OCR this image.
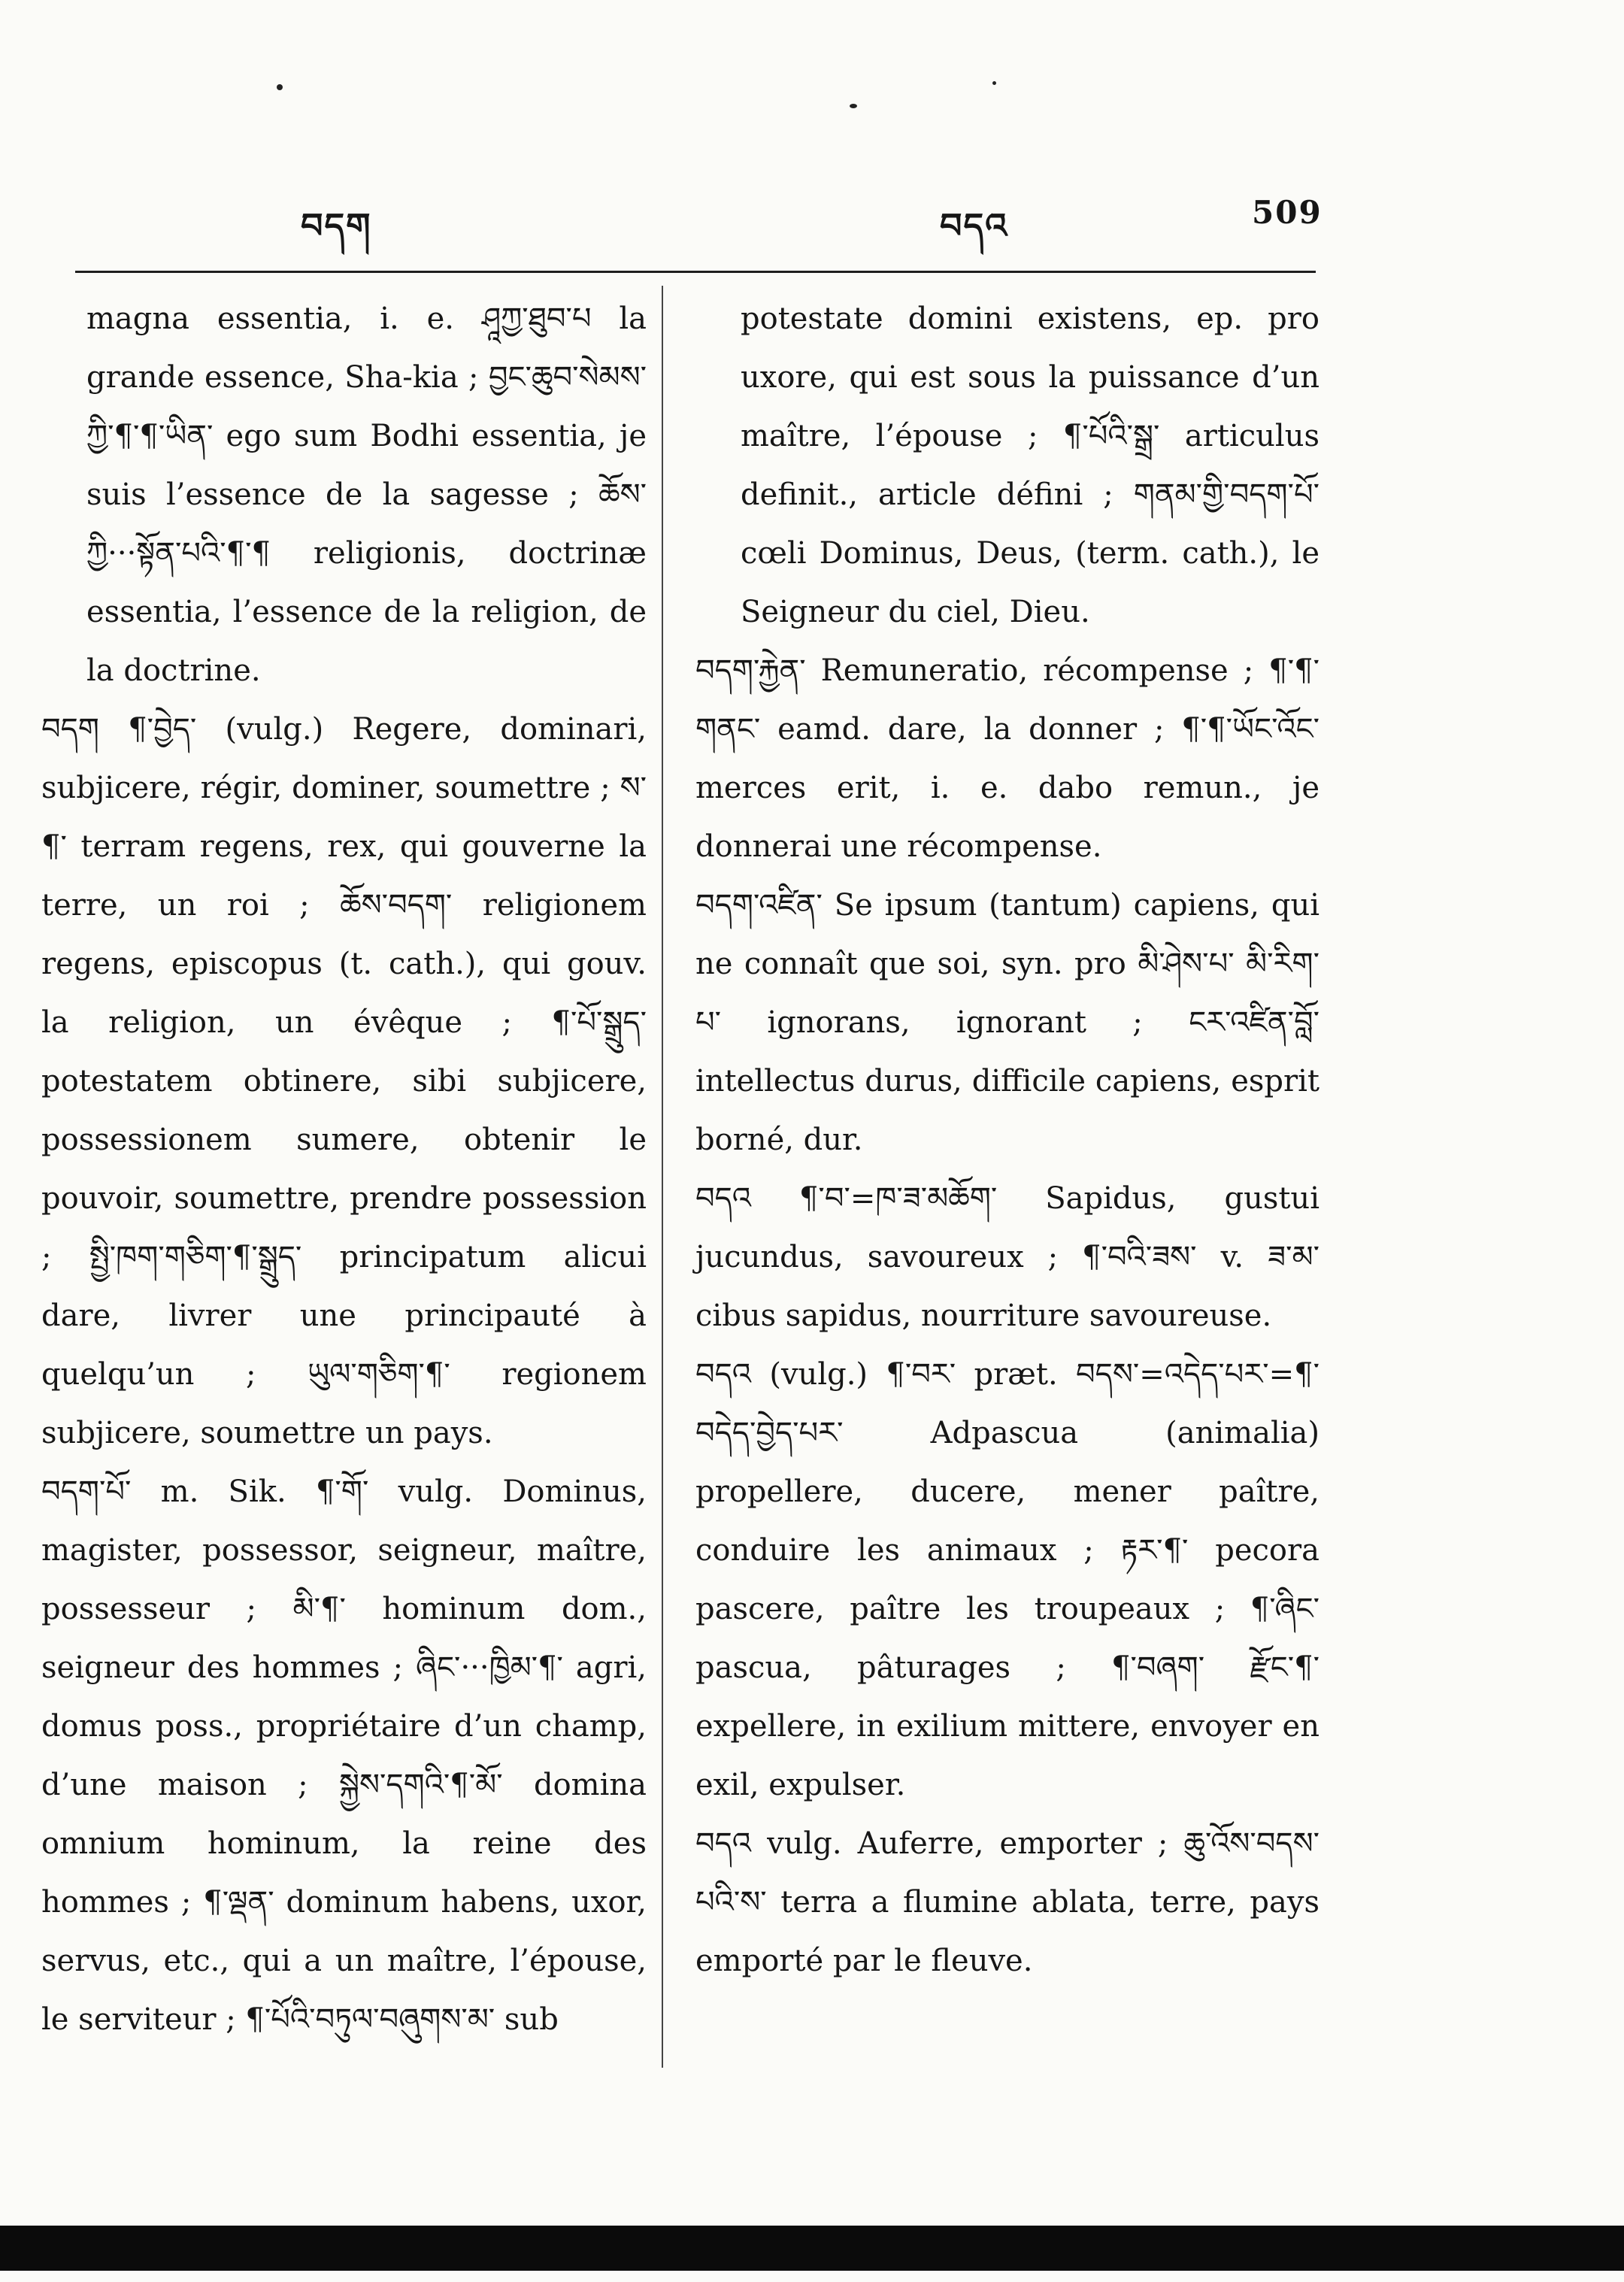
བདག	བདའ	509

magna essentia, i. e. ཤཱཀྱ་ཐུབ་པ la grande essence, Sha-kia ; བྱང་ཆུབ་སེམས་ཀྱི་¶་¶་ཡིན་ ego sum Bodhi essentia, je suis l’essence de la sagesse ; ཆོས་ཀྱི···སྟོན་པའི་¶་¶ religionis, doctrinæ essentia, l’essence de la religion, de la doctrine.

བདག ¶་བྱེད་ (vulg.) Regere, dominari, subjicere, régir, dominer, soumettre ; ས་¶་ terram regens, rex, qui gouverne la terre, un roi ; ཆོས་བདག་ religionem regens, episcopus (t. cath.), qui gouv. la religion, un évêque ; ¶་པོ་སྒྲུད་ potestatem obtinere, sibi subjicere, possessionem sumere, obtenir le pouvoir, soumettre, prendre possession ; སྤྱི་ཁག་གཅིག་¶་སྒྲུད་ principatum alicui dare, livrer une principauté à quelqu’un ; ཡུལ་གཅིག་¶་ regionem subjicere, soumettre un pays.

བདག་པོ་ m. Sik. ¶་གོ་ vulg. Dominus, magister, possessor, seigneur, maître, possesseur ; མི་¶་ hominum dom., seigneur des hommes ; ཞིང་···ཁྱིམ་¶་ agri, domus poss., propriétaire d’un champ, d’une maison ; སྐྱེས་དགའི་¶་མོ་ domina omnium hominum, la reine des hommes ; ¶་ལྡན་ dominum habens, uxor, servus, etc., qui a un maître, l’épouse, le serviteur ; ¶་པོའི་བཏུལ་བཞུགས་མ་ sub

potestate domini existens, ep. pro uxore, qui est sous la puissance d’un maître, l’épouse ; ¶་པོའི་སྒྲ་ articulus definit., article défini ; གནམ་གྱི་བདག་པོ་ cœli Dominus, Deus, (term. cath.), le Seigneur du ciel, Dieu.

བདག་རྐྱེན་ Remuneratio, récompense ; ¶་¶་གནང་ eamd. dare, la donner ; ¶་¶་ཡོང་འོང་ merces erit, i. e. dabo remun., je donnerai une récompense.

བདག་འཛིན་ Se ipsum (tantum) capiens, qui ne connaît que soi, syn. pro མི་ཤེས་པ་ མི་རིག་པ་ ignorans, ignorant ; ངར་འཛིན་བློ་ intellectus durus, difficile capiens, esprit borné, dur.

བདའ ¶་བ་=ཁ་ཟ་མཆོག་ Sapidus, gustui jucundus, savoureux ; ¶་བའི་ཟས་ v. ཟ་མ་ cibus sapidus, nourriture savoureuse.

བདའ (vulg.) ¶་བར་ præt. བདས་=འདེད་པར་=¶་བདེད་བྱེད་པར་ Adpascua (animalia) propellere, ducere, mener paître, conduire les animaux ; རྟར་¶་ pecora pascere, paître les troupeaux ; ¶་ཞིང་ pascua, pâturages ; ¶་བཞག་ རྫོང་¶་ expellere, in exilium mittere, envoyer en exil, expulser.

བདའ vulg. Auferre, emporter ; ཆུ་འོས་བདས་པའི་ས་ terra a flumine ablata, terre, pays emporté par le fleuve.
